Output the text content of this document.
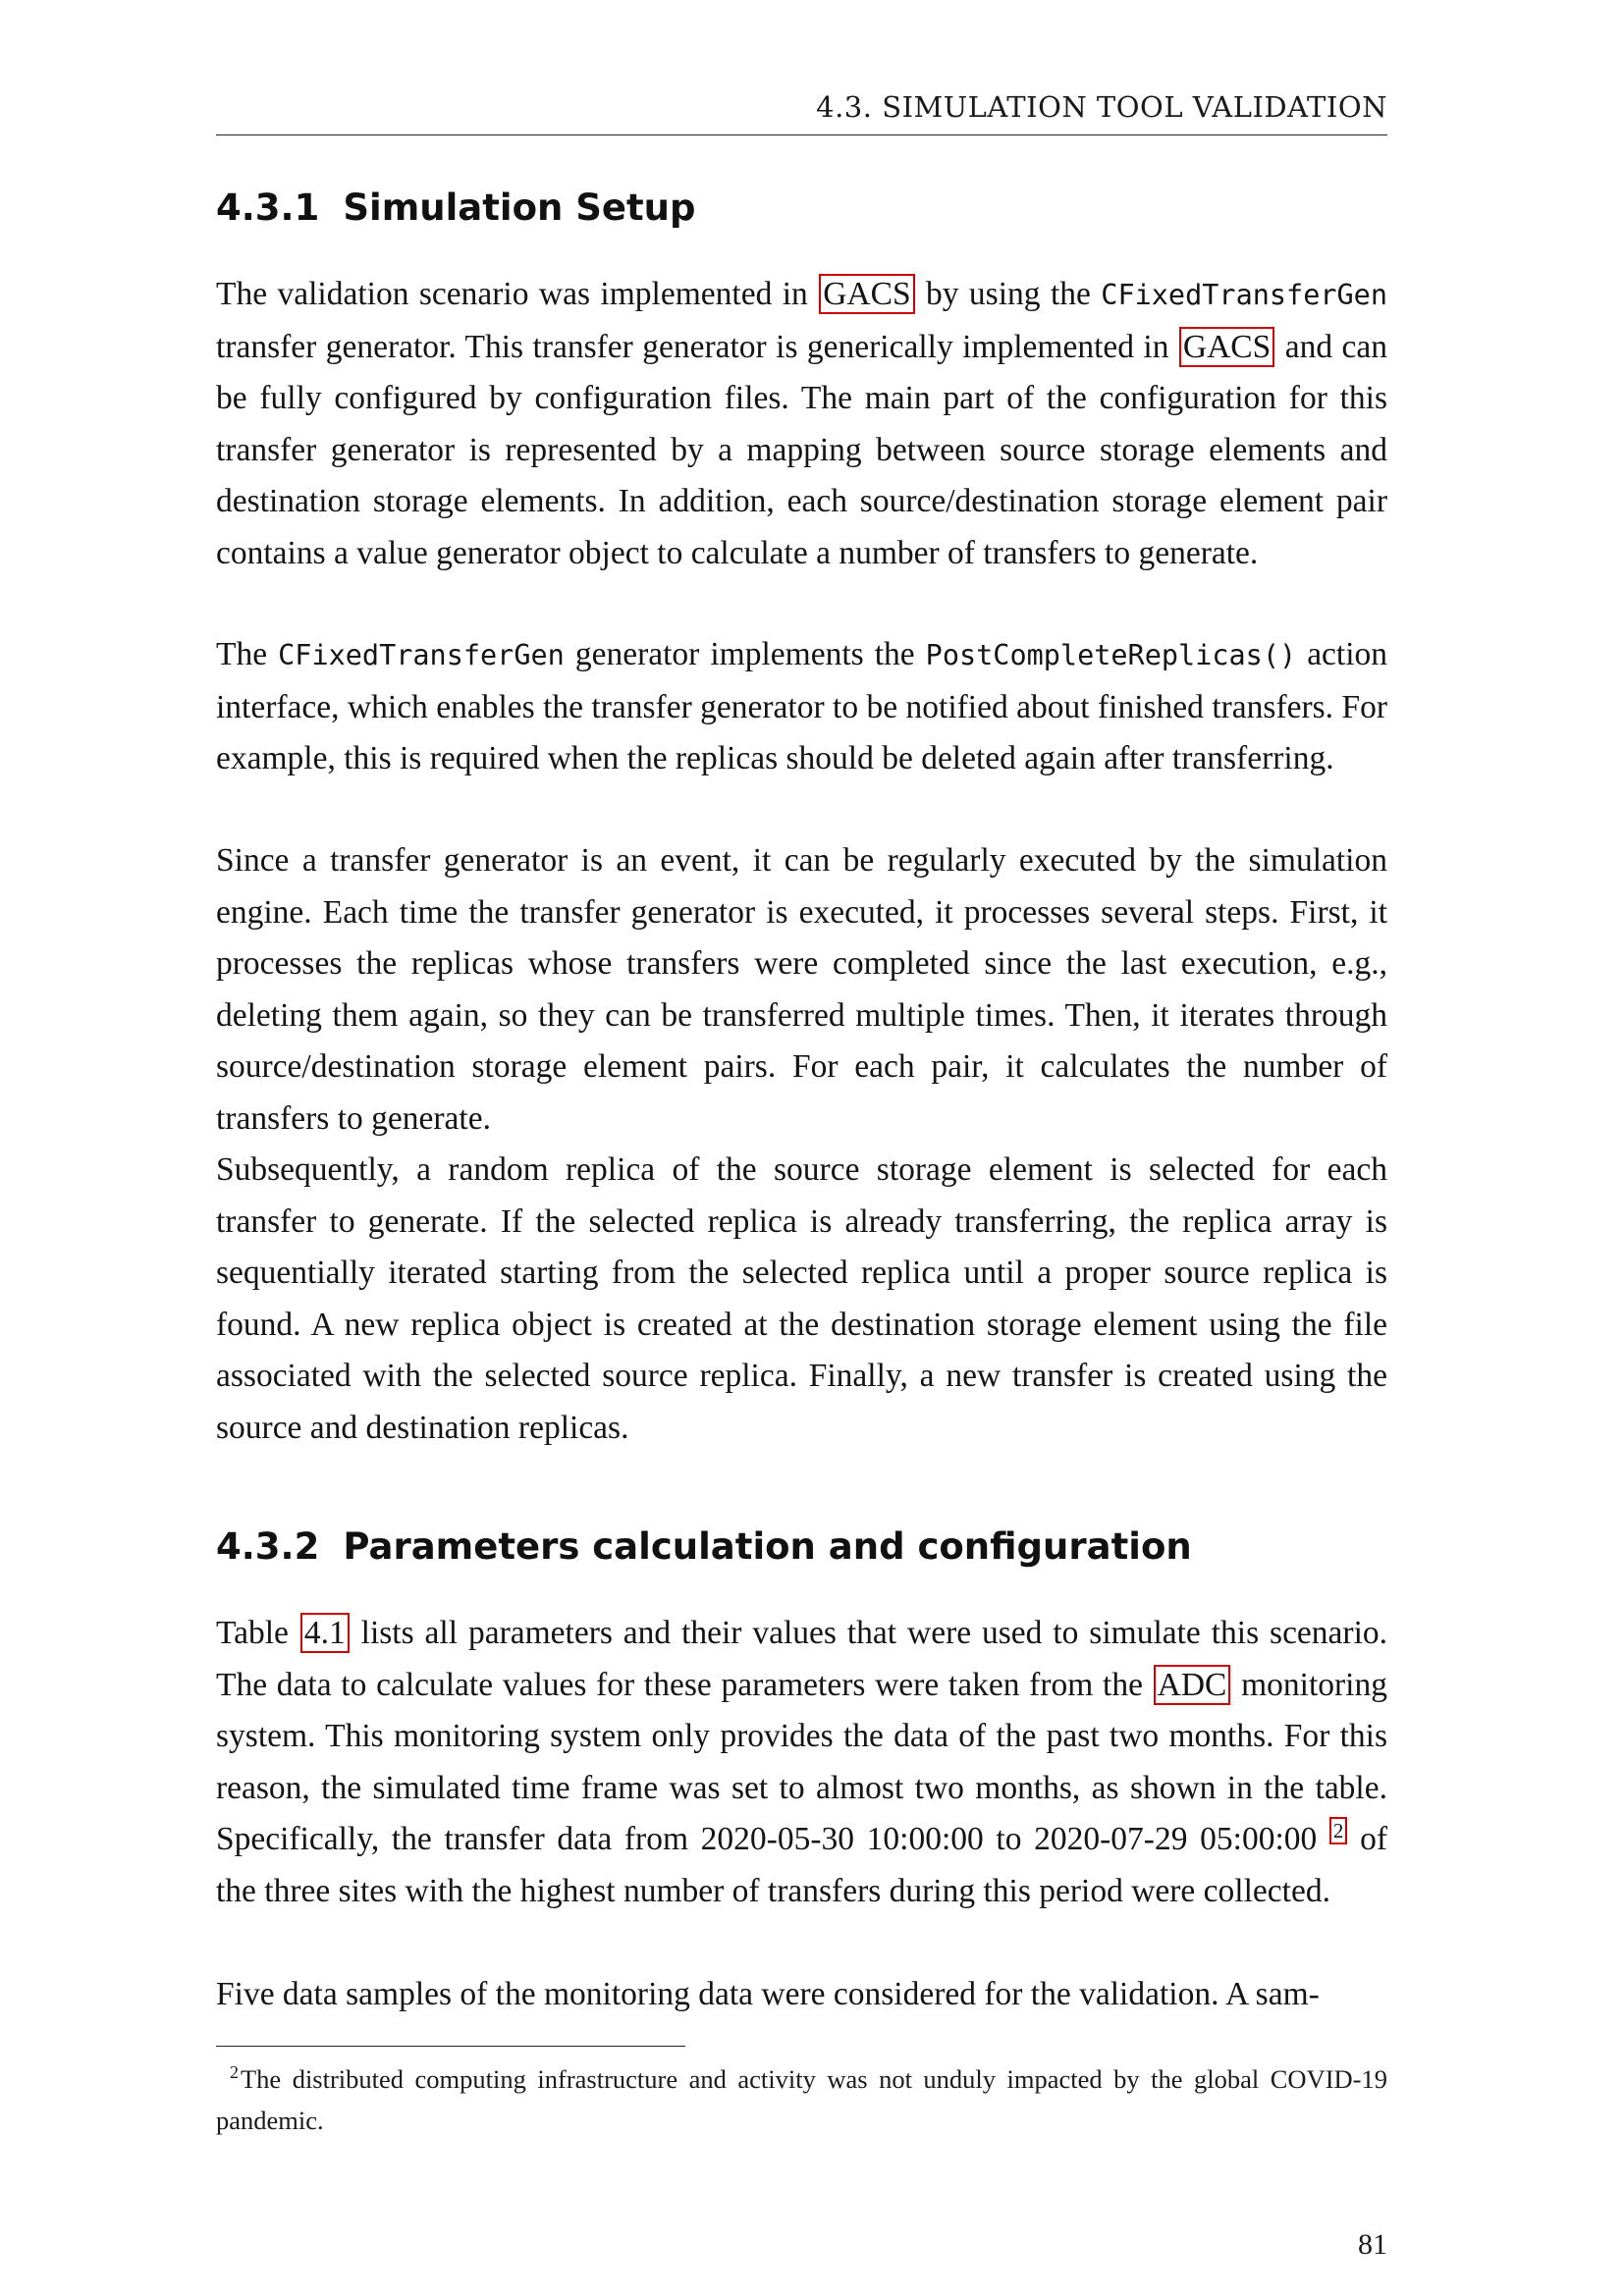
4.3. SIMULATION TOOL VALIDATION
4.3.1 Simulation Setup

The validation scenario was implemented in GACS by using the CFixedTransferGen transfer generator. This transfer generator is generically implemented in GACS and can be fully configured by configuration files. The main part of the configuration for this transfer generator is represented by a mapping between source storage elements and destination storage elements. In addition, each source/destination storage element pair contains a value generator object to calculate a number of transfers to generate.

The CFixedTransferGen generator implements the PostCompleteReplicas() action interface, which enables the transfer generator to be notified about finished transfers. For example, this is required when the replicas should be deleted again after transferring.

Since a transfer generator is an event, it can be regularly executed by the simulation engine. Each time the transfer generator is executed, it processes several steps. First, it processes the replicas whose transfers were completed since the last execution, e.g., deleting them again, so they can be transferred multiple times. Then, it iterates through source/destination storage element pairs. For each pair, it calculates the number of transfers to generate.

Subsequently, a random replica of the source storage element is selected for each transfer to generate. If the selected replica is already transferring, the replica array is sequentially iterated starting from the selected replica until a proper source replica is found. A new replica object is created at the destination storage element using the file associated with the selected source replica. Finally, a new transfer is created using the source and destination replicas.

4.3.2 Parameters calculation and configuration

Table 4.1 lists all parameters and their values that were used to simulate this scenario. The data to calculate values for these parameters were taken from the ADC monitoring system. This monitoring system only provides the data of the past two months. For this reason, the simulated time frame was set to almost two months, as shown in the table. Specifically, the transfer data from 2020-05-30 10:00:00 to 2020-07-29 05:00:00 $^2$ of the three sites with the highest number of transfers during this period were collected.

Five data samples of the monitoring data were considered for the validation. A sam-

$^2$The distributed computing infrastructure and activity was not unduly impacted by the global COVID-19 pandemic.

81
